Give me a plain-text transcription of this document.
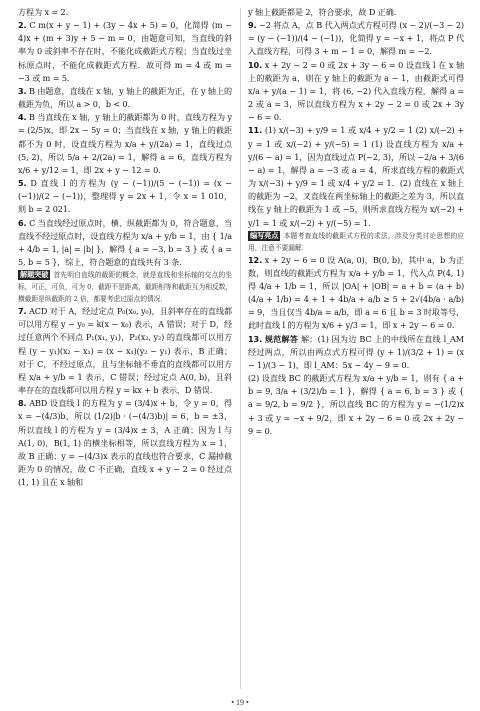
方程为 x = 2.

2. C m(x + y − 1) + (3y − 4x + 5) = 0，化简得 (m − 4)x + (m + 3)y + 5 − m = 0，由题意可知，当直线的斜率为 0 或斜率不存在时，不能化成截距式方程；当直线过坐标原点时，不能化成截距式方程．故可得 m = 4 或 m = −3 或 m = 5.

3. B 由题意，直线在 x 轴，y 轴上的截距为正，在 y 轴上的截距为负，所以 a > 0，b < 0.

4. B 当直线在 x 轴，y 轴上的截距都为 0 时，直线方程为 y = (2/5)x，即 2x − 5y = 0；当直线在 x 轴，y 轴上的截距都不为 0 时，设直线方程为 x/a + y/(2a) = 1，直线过点 (5, 2)，所以 5/a + 2/(2a) = 1，解得 a = 6，直线方程为 x/6 + y/12 = 1，即 2x + y − 12 = 0.

5. D 直线 l 的方程为 (y − (−1))/(5 − (−1)) = (x − (−1))/(2 − (−1))，整理得 y = 2x + 1，令 x = 1 010，则 b = 2 021.

6. C 当直线经过原点时，横、纵截距都为 0，符合题意，当直线不经过原点时，设直线方程为 x/a + y/b = 1，由 { 1/a + 4/b = 1, |a| = |b| }，解得 { a = −3, b = 3 } 或 { a = 5, b = 5 }，综上，符合题意的直线共有 3 条.

解题突破 首先明白直线的截距的概念，就是直线和坐标轴的交点的坐标，可正，可负，可为 0，截距不是距离，截距相等和截距互为相反数，横截距是纵截距的 2 倍，都要考虑过原点的情况．

7. ACD 对于 A，经过定点 P₀(x₀, y₀)，且斜率存在的直线都可以用方程 y − y₀ = k(x − x₀) 表示，A 错误；对于 D，经过任意两个不同点 P₁(x₁, y₁)，P₂(x₂, y₂) 的直线都可以用方程 (y − y₁)(x₂ − x₁) = (x − x₁)(y₂ − y₁) 表示，B 正确；对于 C，不经过原点，且与坐标轴不垂直的直线都可以用方程 x/a + y/b = 1 表示，C 错误；经过定点 A(0, b)，且斜率存在的直线都可以用方程 y = kx + b 表示，D 错误.

8. ABD 设直线 l 的方程为 y = (3/4)x + b，令 y = 0，得 x = −(4/3)b，所以 (1/2)|b · (−(4/3)b)| = 6，b = ±3，所以直线 l 的方程为 y = (3/4)x ± 3，A 正确；因为 l 与 A(1, 0)，B(1, 1) 的横坐标相等，所以直线方程为 x = 1，故 B 正确；y = −(4/3)x 表示的直线也符合要求，C 漏掉截距为 0 的情况，故 C 不正确，直线 x + y − 2 = 0 经过点 (1, 1) 且在 x 轴和

y 轴上截距都是 2，符合要求，故 D 正确.

9. −2 将点 A，点 B 代入两点式方程可得 (x − 2)/(−3 − 2) = (y − (−1))/(4 − (−1))，化简得 y = −x + 1，将点 P 代入直线方程，可得 3 + m − 1 = 0，解得 m = −2.

10. x + 2y − 2 = 0 或 2x + 3y − 6 = 0 设直线 l 在 x 轴上的截距为 a，则在 y 轴上的截距为 a − 1，由截距式可得 x/a + y/(a − 1) = 1，将 (6, −2) 代入直线方程，解得 a = 2 或 a = 3，所以直线方程为 x + 2y − 2 = 0 或 2x + 3y − 6 = 0.

11. (1) x/(−3) + y/9 = 1 或 x/4 + y/2 = 1 (2) x/(−2) + y = 1 或 x/(−2) + y/(−5) = 1 (1) 设直线方程为 x/a + y/(6 − a) = 1，因为直线过点 P(−2, 3)，所以 −2/a + 3/(6 − a) = 1，解得 a = −3 或 a = 4，所求直线方程的截距式为 x/(−3) + y/9 = 1 或 x/4 + y/2 = 1．(2) 直线在 x 轴上的截距为 −2，又直线在两坐标轴上的截距之差为 3，所以直线在 y 轴上的截距为 1 或 −5，则所求直线方程为 x/(−2) + y/1 = 1 或 x/(−2) + y/(−5) = 1.

编写亮点 本题考查直线的截距式方程的求法，涉及分类讨论思想的应用，注意不要漏解．

12. x + 2y − 6 = 0 设 A(a, 0)，B(0, b)，其中 a，b 为正数，则直线的截距式方程为 x/a + y/b = 1，代入点 P(4, 1) 得 4/a + 1/b = 1，所以 |OA| + |OB| = a + b = (a + b)(4/a + 1/b) = 4 + 1 + 4b/a + a/b ≥ 5 + 2√(4b/a · a/b) = 9，当且仅当 4b/a = a/b，即 a = 6 且 b = 3 时取等号，此时直线 l 的方程为 x/6 + y/3 = 1，即 x + 2y − 6 = 0.

13. 规范解答 解：(1) 因为边 BC 上的中线所在直线 l_AM 经过两点，所以由两点式方程可得 (y + 1)/(3/2 + 1) = (x − 1)/(3 − 1)，即 l_AM：5x − 4y − 9 = 0.

(2) 设直线 BC 的截距式方程为 x/a + y/b = 1，则有 { a + b = 9, 3/a + (3/2)/b = 1 }，解得 { a = 6, b = 3 } 或 { a = 9/2, b = 9/2 }，所以直线 BC 的方程为 y = −(1/2)x + 3 或 y = −x + 9/2，即 x + 2y − 6 = 0 或 2x + 2y − 9 = 0.

• 19 •
